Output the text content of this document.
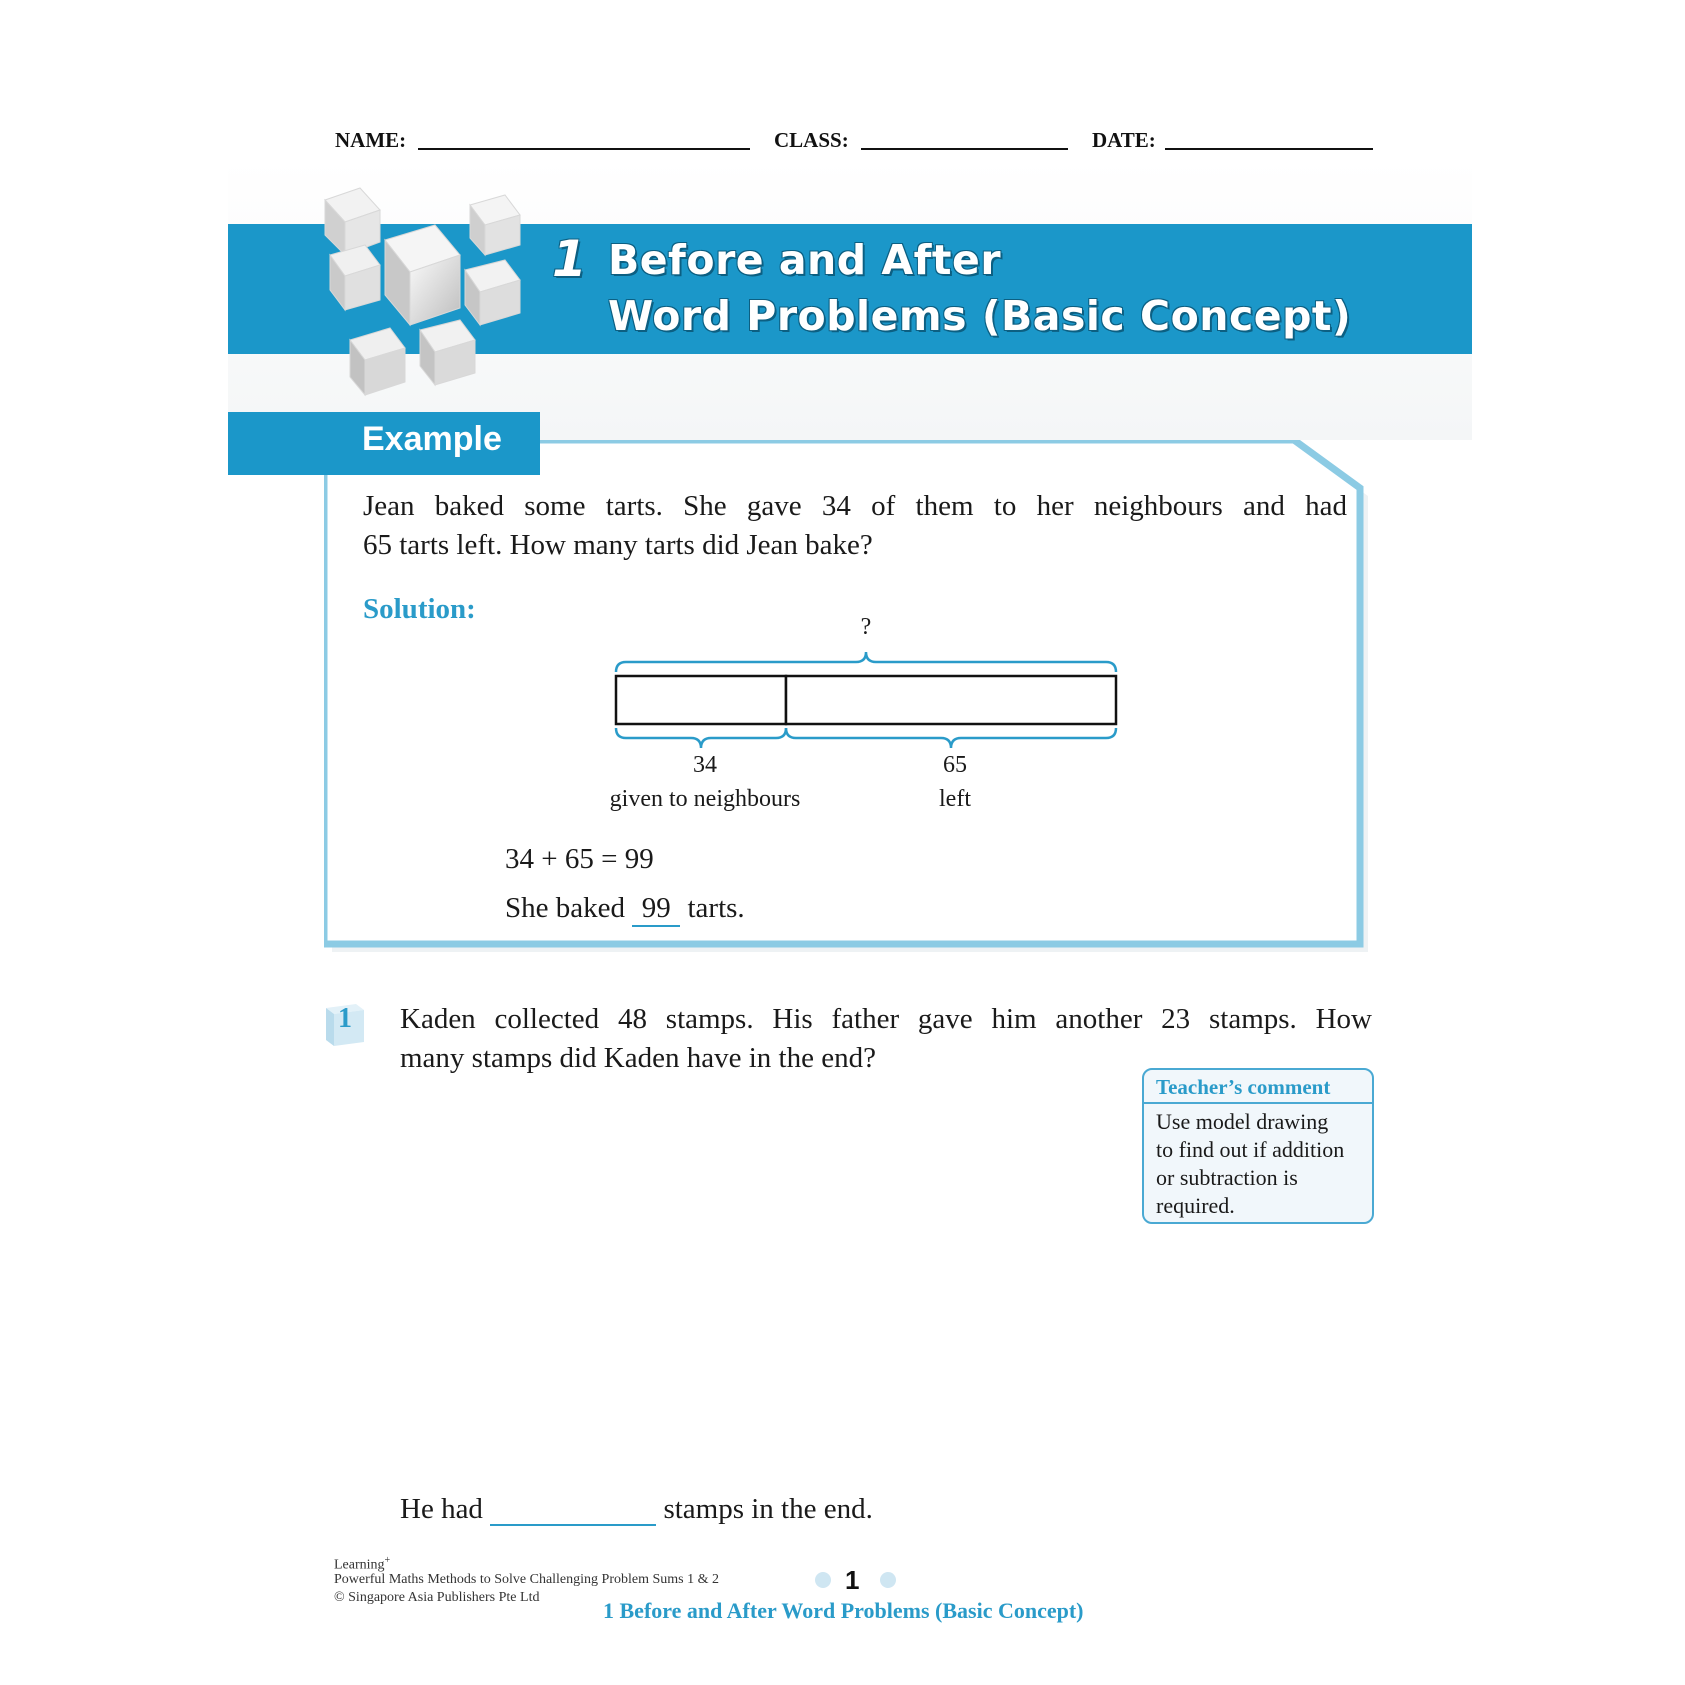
NAME:	CLASS:	DATE:
1 Before and After
Word Problems (Basic Concept)
Example
Jean baked some tarts. She gave 34 of them to her neighbours and had
65 tarts left. How many tarts did Jean bake?
Solution:
?
34
given to neighbours
65
left
34 + 65 = 99
She baked 99 tarts.
1	Kaden collected 48 stamps. His father gave him another 23 stamps. How
many stamps did Kaden have in the end?
Teacher’s comment
Use model drawing
to find out if addition
or subtraction is
required.
He had	stamps in the end.
Learning+
Powerful Maths Methods to Solve Challenging Problem Sums 1 & 2
© Singapore Asia Publishers Pte Ltd
1
1 Before and After Word Problems (Basic Concept)
